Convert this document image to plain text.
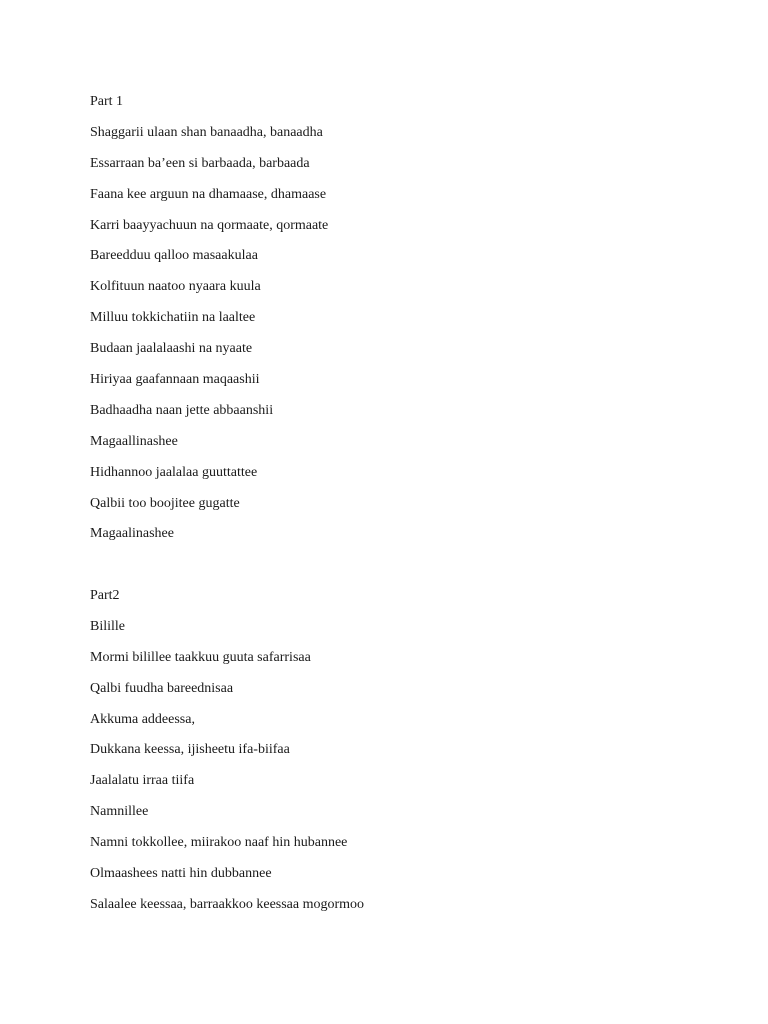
Part 1
Shaggarii ulaan shan banaadha, banaadha
Essarraan ba’een si barbaada, barbaada
Faana kee arguun na dhamaase, dhamaase
Karri baayyachuun na qormaate, qormaate
Bareedduu qalloo masaakulaa
Kolfituun naatoo nyaara kuula
Milluu tokkichatiin na laaltee
Budaan jaalalaashi na nyaate
Hiriyaa gaafannaan maqaashii
Badhaadha naan jette abbaanshii
Magaallinashee
Hidhannoo jaalalaa guuttattee
Qalbii too boojitee gugatte
Magaalinashee
Part2
Bilille
Mormi bilillee taakkuu guuta safarrisaa
Qalbi fuudha bareednisaa
Akkuma addeessa,
Dukkana keessa, ijisheetu ifa-biifaa
Jaalalatu irraa tiifa
Namnillee
Namni tokkollee, miirakoo naaf hin hubannee
Olmaashees natti hin dubbannee
Salaalee keessaa, barraakkoo keessaa mogormoo
